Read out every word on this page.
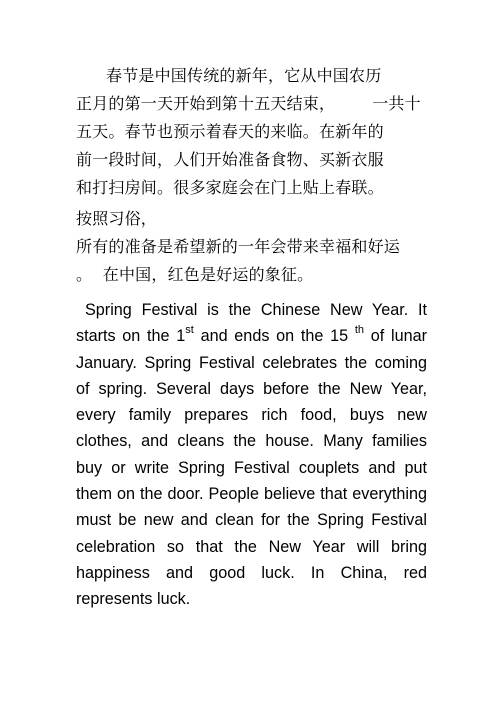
春节是中国传统的新年，它从中国农历
正月的第一天开始到第十五天结束，       一共十
五天。春节也预示着春天的来临。在新年的
前一段时间，人们开始准备食物、买新衣服
和打扫房间。很多家庭会在门上贴上春联。
按照习俗，
所有的准备是希望新的一年会带来幸福和好运
。  在中国，红色是好运的象征。
Spring Festival is the Chinese New Year. It starts on the 1st and ends on the 15 $^{th}$ of lunar January. Spring Festival celebrates the coming of spring. Several days before the New Year, every family prepares rich food, buys new clothes, and cleans the house. Many families buy or write Spring Festival couplets and put them on the door. People believe that everything must be new and clean for the Spring Festival celebration so that the New Year will bring happiness and good luck. In China, red represents luck.
